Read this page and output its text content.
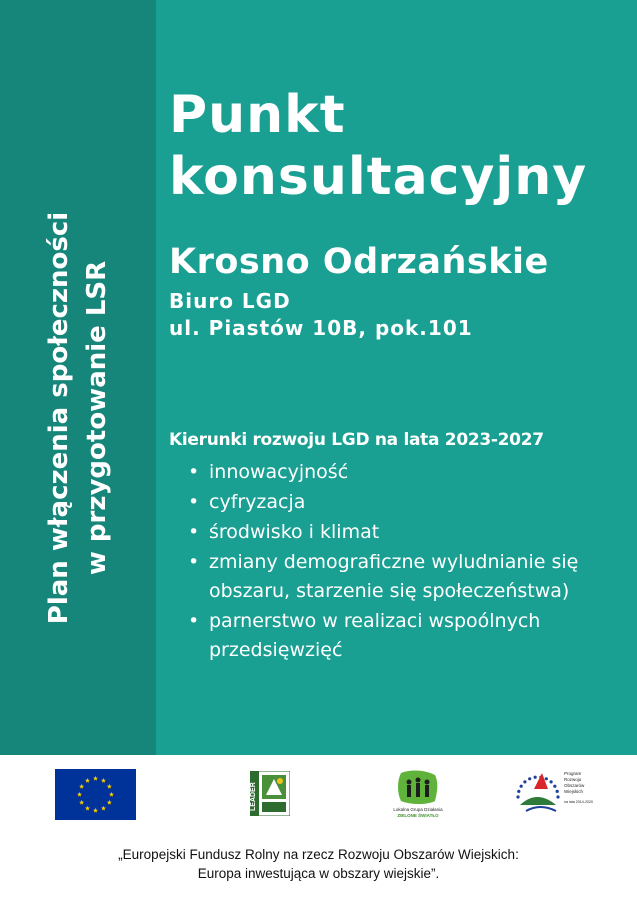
Plan włączenia społeczności w przygotowanie LSR
Punkt
konsultacyjny
Krosno Odrzańskie
Biuro LGD
ul. Piastów 10B, pok.101
Kierunki rozwoju LGD na lata 2023-2027
• innowacyjność
• cyfryzacja
• środwisko i klimat
• zmiany demograficzne wyludnianie się obszaru, starzenie się społeczeństwa)
• parnerstwo w realizaci wspoólnych przedsięwzięć
LEADER	Lokalna Grupa Działania
ZIELONE ŚWIATŁO
Program
Rozwoju
Obszarów
Wiejskich
na lata 2014-2020
„Europejski Fundusz Rolny na rzecz Rozwoju Obszarów Wiejskich:
Europa inwestująca w obszary wiejskie”.
